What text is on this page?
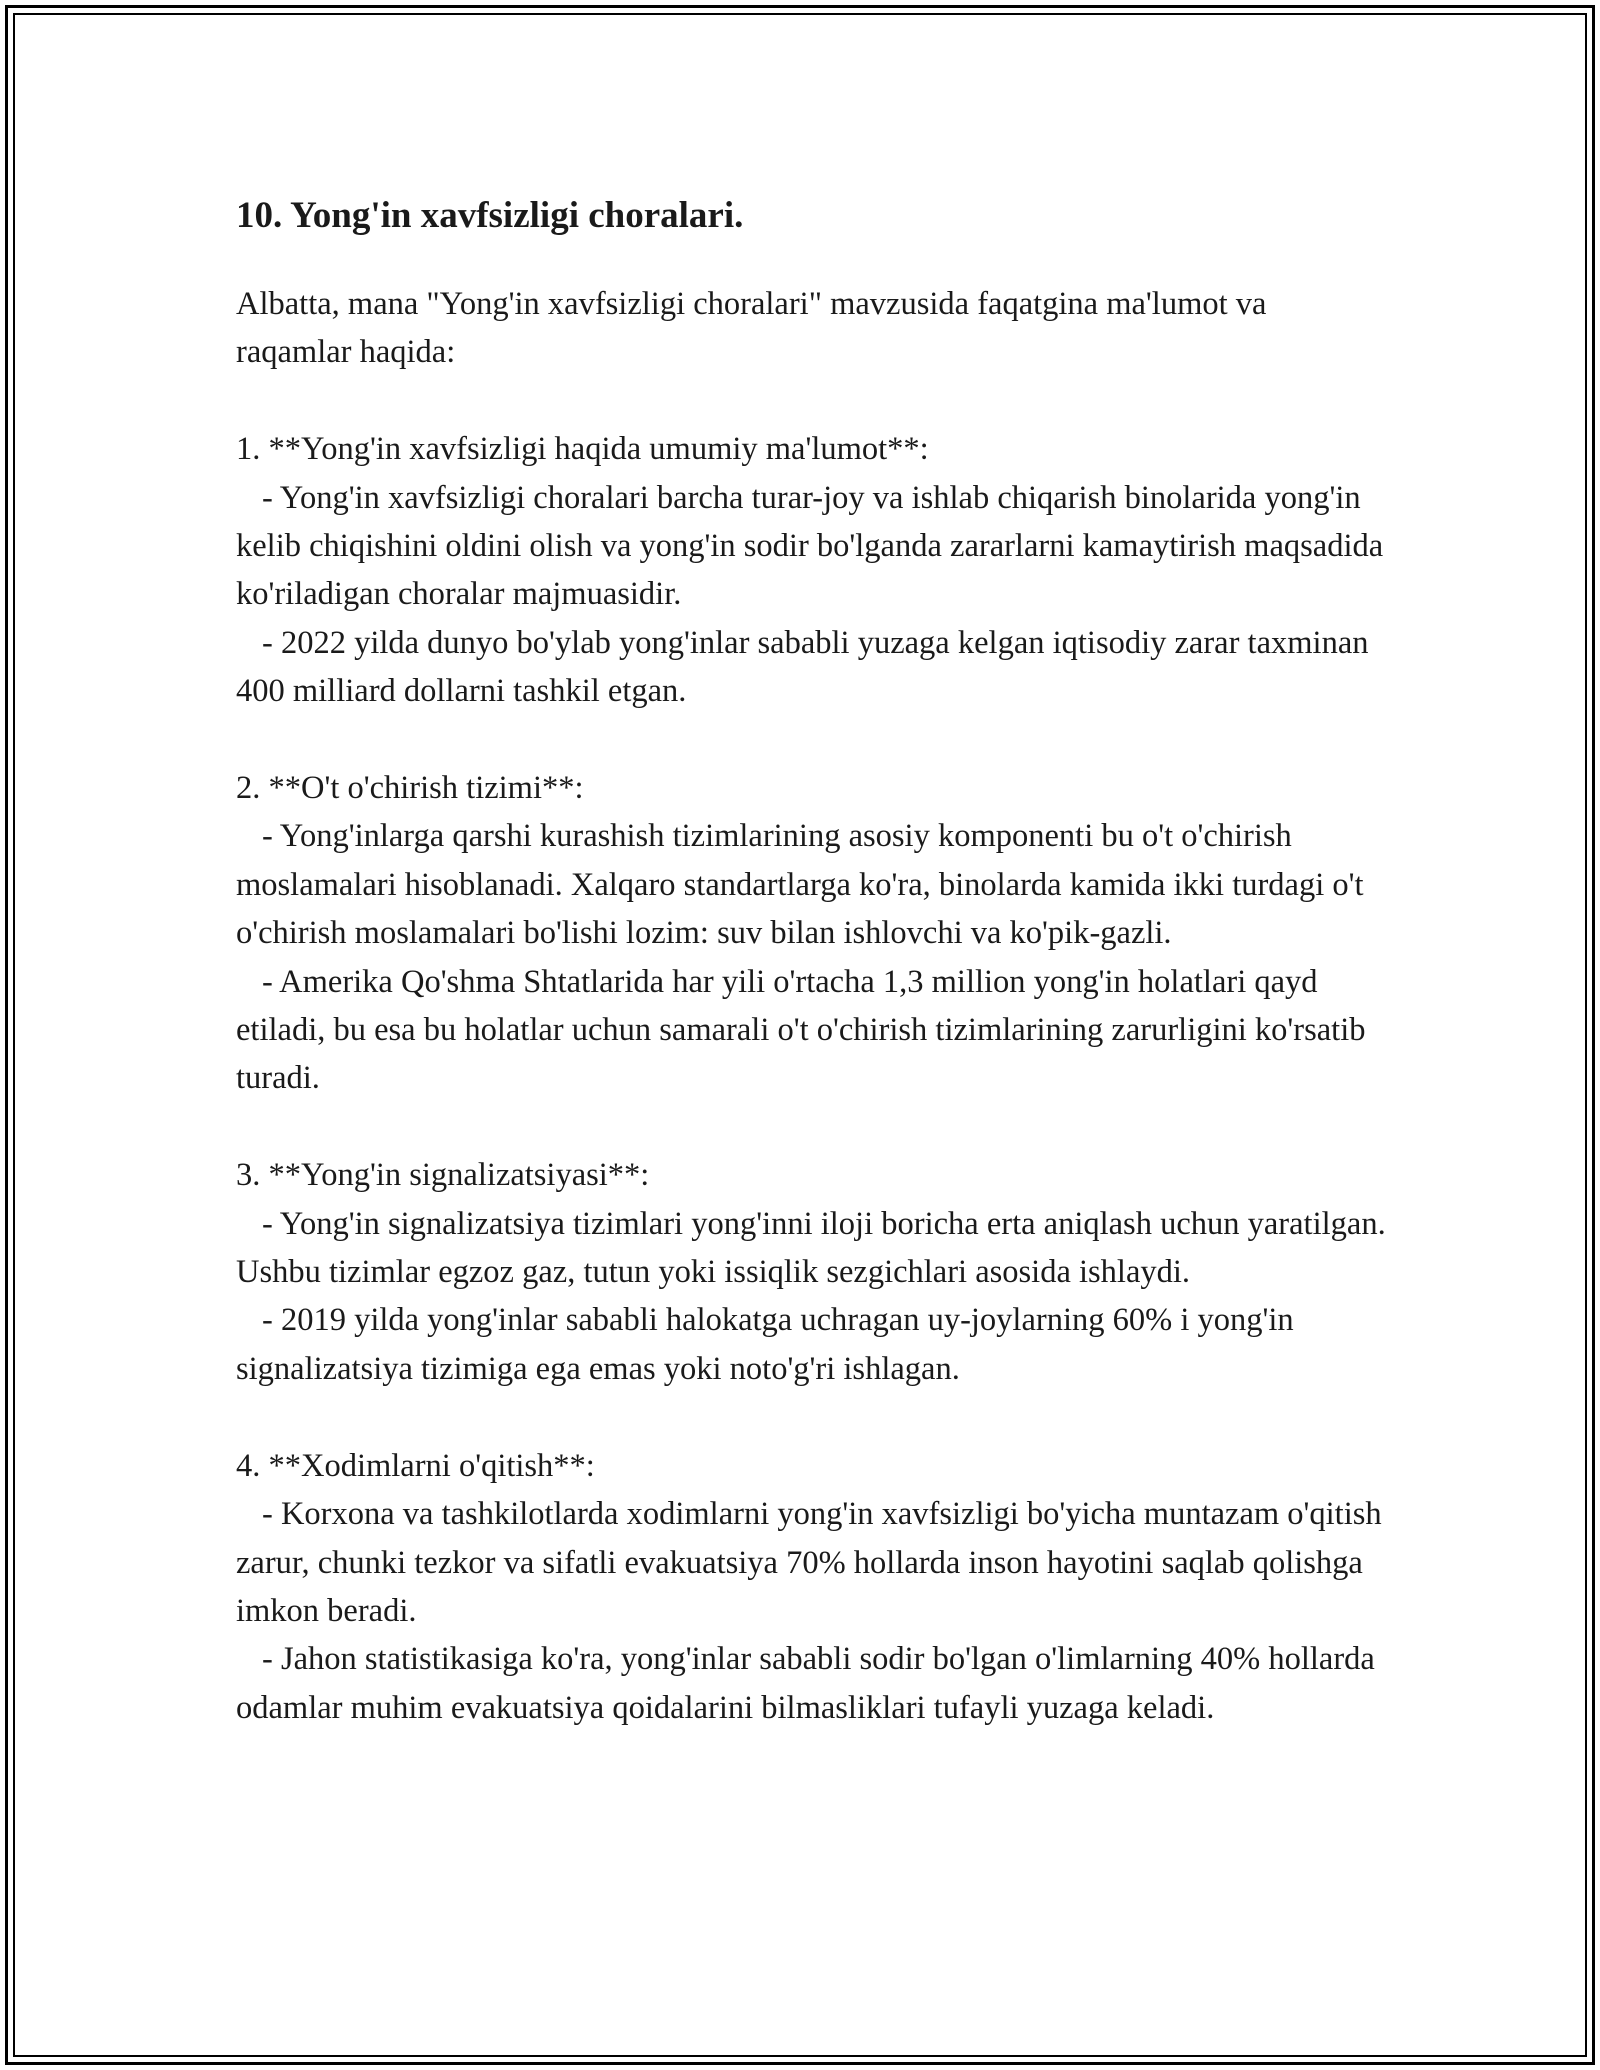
10. Yong'in xavfsizligi choralari.

Albatta, mana "Yong'in xavfsizligi choralari" mavzusida faqatgina ma'lumot va raqamlar haqida:

1. **Yong'in xavfsizligi haqida umumiy ma'lumot**:

- Yong'in xavfsizligi choralari barcha turar-joy va ishlab chiqarish binolarida yong'in kelib chiqishini oldini olish va yong'in sodir bo'lganda zararlarni kamaytirish maqsadida ko'riladigan choralar majmuasidir.

- 2022 yilda dunyo bo'ylab yong'inlar sababli yuzaga kelgan iqtisodiy zarar taxminan 400 milliard dollarni tashkil etgan.

2. **O't o'chirish tizimi**:

- Yong'inlarga qarshi kurashish tizimlarining asosiy komponenti bu o't o'chirish moslamalari hisoblanadi. Xalqaro standartlarga ko'ra, binolarda kamida ikki turdagi o't o'chirish moslamalari bo'lishi lozim: suv bilan ishlovchi va ko'pik-gazli.

- Amerika Qo'shma Shtatlarida har yili o'rtacha 1,3 million yong'in holatlari qayd etiladi, bu esa bu holatlar uchun samarali o't o'chirish tizimlarining zarurligini ko'rsatib turadi.

3. **Yong'in signalizatsiyasi**:

- Yong'in signalizatsiya tizimlari yong'inni iloji boricha erta aniqlash uchun yaratilgan. Ushbu tizimlar egzoz gaz, tutun yoki issiqlik sezgichlari asosida ishlaydi.

- 2019 yilda yong'inlar sababli halokatga uchragan uy-joylarning 60% i yong'in signalizatsiya tizimiga ega emas yoki noto'g'ri ishlagan.

4. **Xodimlarni o'qitish**:

- Korxona va tashkilotlarda xodimlarni yong'in xavfsizligi bo'yicha muntazam o'qitish zarur, chunki tezkor va sifatli evakuatsiya 70% hollarda inson hayotini saqlab qolishga imkon beradi.

- Jahon statistikasiga ko'ra, yong'inlar sababli sodir bo'lgan o'limlarning 40% hollarda odamlar muhim evakuatsiya qoidalarini bilmasliklari tufayli yuzaga keladi.
